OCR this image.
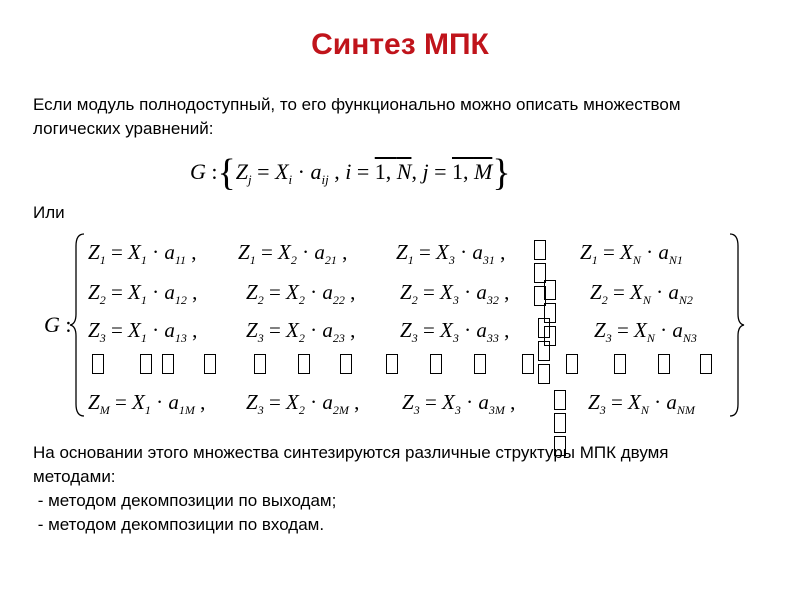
Синтез МПК
Если модуль полнодоступный, то его функционально можно описать множеством логических уравнений:
G $:\{Z_j = X_i \cdot a_{ij}$ , i = 1, N, j = 1, M}
Или
G :
$Z_1 = X_1 \cdot a_{11}$ , $Z_1 = X_2 \cdot a_{21}$ , $Z_1 = X_3 \cdot a_{31}$ ,	$Z_1 = X_N \cdot a_{N1}$
$Z_2 = X_1 \cdot a_{12}$ , $Z_2 = X_2 \cdot a_{22}$ , $Z_2 = X_3 \cdot a_{32}$ ,	$Z_2 = X_N \cdot a_{N2}$
$Z_3 = X_1 \cdot a_{13}$ , $Z_3 = X_2 \cdot a_{23}$ , $Z_3 = X_3 \cdot a_{33}$ ,	$Z_3 = X_N \cdot a_{N3}$
$Z_M = X_1 \cdot a_{1M}$ , $Z_3 = X_2 \cdot a_{2M}$ , $Z_3 = X_3 \cdot a_{3M}$ ,	$Z_3 = X_N \cdot a_{NM}$
На основании этого множества синтезируются различные структуры МПК двумя методами:
- методом декомпозиции по выходам;
- методом декомпозиции по входам.
